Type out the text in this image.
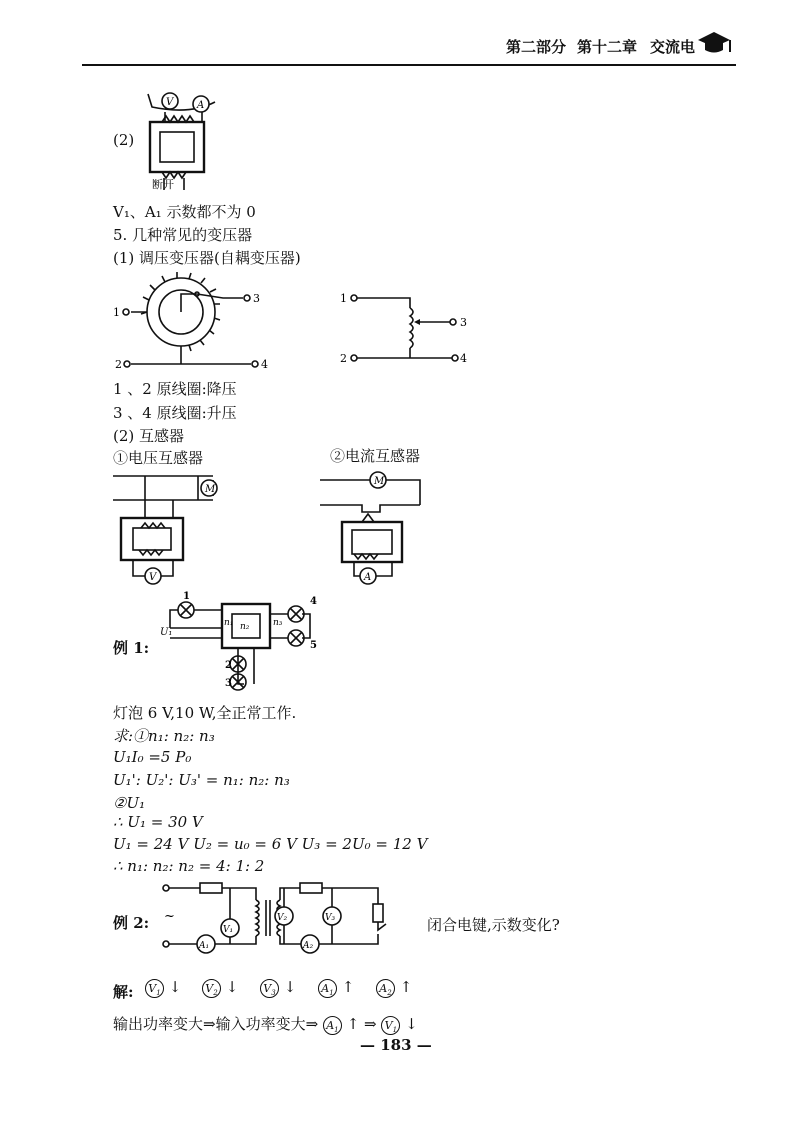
第二部分 第十二章 交流电
(2)
V A
断开
V₁、A₁ 示数都不为 0
5. 几种常见的变压器
(1) 调压变压器(自耦变压器)
1
3
2	4
1
2
3
4
1 、2 原线圈:降压
3 、4 原线圈:升压
(2) 互感器
①电压互感器	②电流互感器
M
V
M
A
例 1:
1	4
5
2
3
U₁
n₁ n₂	n₃
灯泡 6 V,10 W,全正常工作.
求:①n₁: n₂: n₃
U₁I₀ =5 P₀
U₁': U₂': U₃' = n₁: n₂: n₃
②U₁
∴ U₁ = 30 V
U₁ = 24 V U₂ = u₀ = 6 V U₃ = 2U₀ = 12 V
∴ n₁: n₂: n₂ = 4: 1: 2
例 2: ~
V₁
A₁
V₂	V₃
A₂
闭合电键,示数变化?
解: $V_1$ ↓ $V_2$ ↓ $V_3$ ↓ $A_1$ ↑ $A_2$ ↑
输出功率变大⇒输入功率变大⇒ $A_1$ ↑ ⇒ $V_1$ ↓
— 183 —
